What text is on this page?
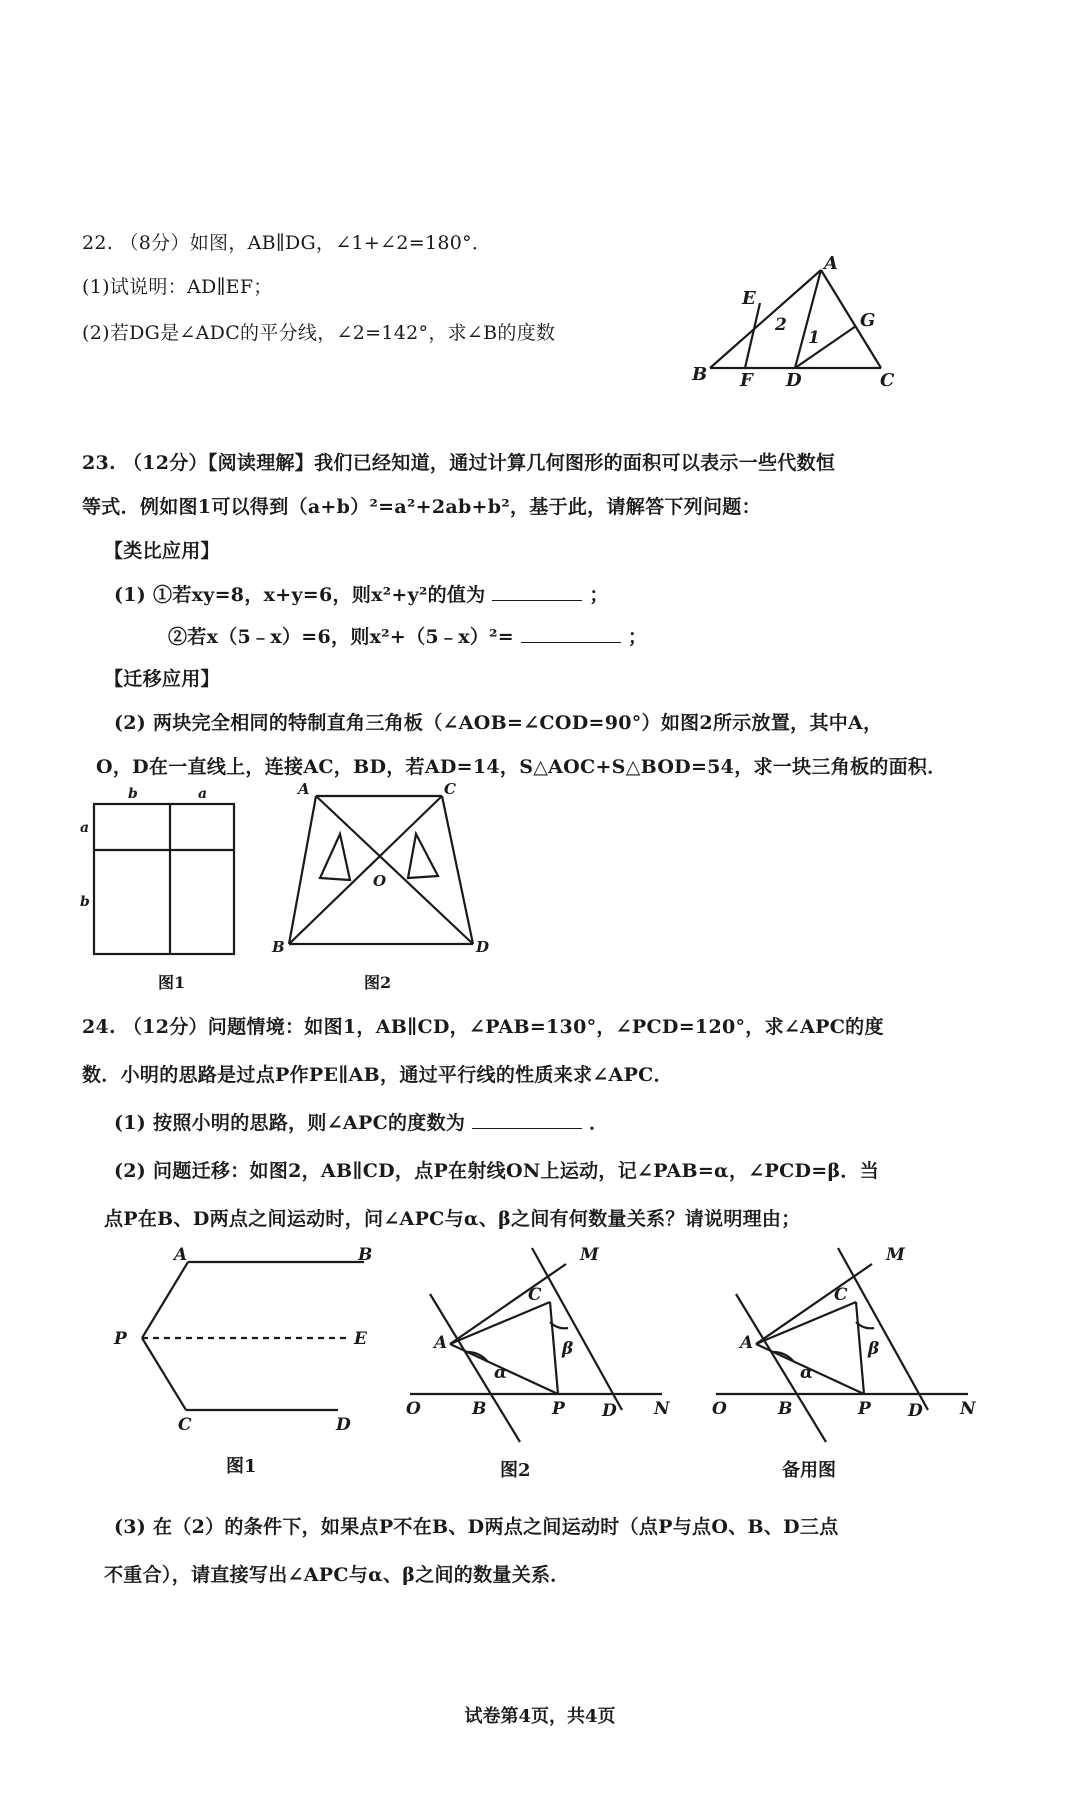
22. （8分）如图，AB∥DG，∠1+∠2=180°．
(1)试说明：AD∥EF；
(2)若DG是∠ADC的平分线，∠2=142°，求∠B的度数
A
E
G
B F D	C
1
2
23. （12分）【阅读理解】我们已经知道，通过计算几何图形的面积可以表示一些代数恒
等式．例如图1可以得到（a+b）²=a²+2ab+b²，基于此，请解答下列问题：
【类比应用】
(1) ①若xy=8，x+y=6，则x²+y²的值为	；
②若x（5﹣x）=6，则x²+（5﹣x）²=	；
【迁移应用】
(2) 两块完全相同的特制直角三角板（∠AOB=∠COD=90°）如图2所示放置，其中A，
O，D在一直线上，连接AC，BD，若AD=14，S△AOC+S△BOD=54，求一块三角板的面积．
b	a
a
b
图1
A	C
O
B	D
图2
24. （12分）问题情境：如图1，AB∥CD，∠PAB=130°，∠PCD=120°，求∠APC的度
数．小明的思路是过点P作PE∥AB，通过平行线的性质来求∠APC．
(1) 按照小明的思路，则∠APC的度数为	．
(2) 问题迁移：如图2，AB∥CD，点P在射线ON上运动，记∠PAB=α，∠PCD=β．当
点P在B、D两点之间运动时，问∠APC与α、β之间有何数量关系？请说明理由；
A	B
P	E
C	D
图1
M
C
A
α
β
O	B	P D N
图2
M
C
A
α
β
O	B	P D N
备用图
(3) 在（2）的条件下，如果点P不在B、D两点之间运动时（点P与点O、B、D三点
不重合），请直接写出∠APC与α、β之间的数量关系．
试卷第4页，共4页
